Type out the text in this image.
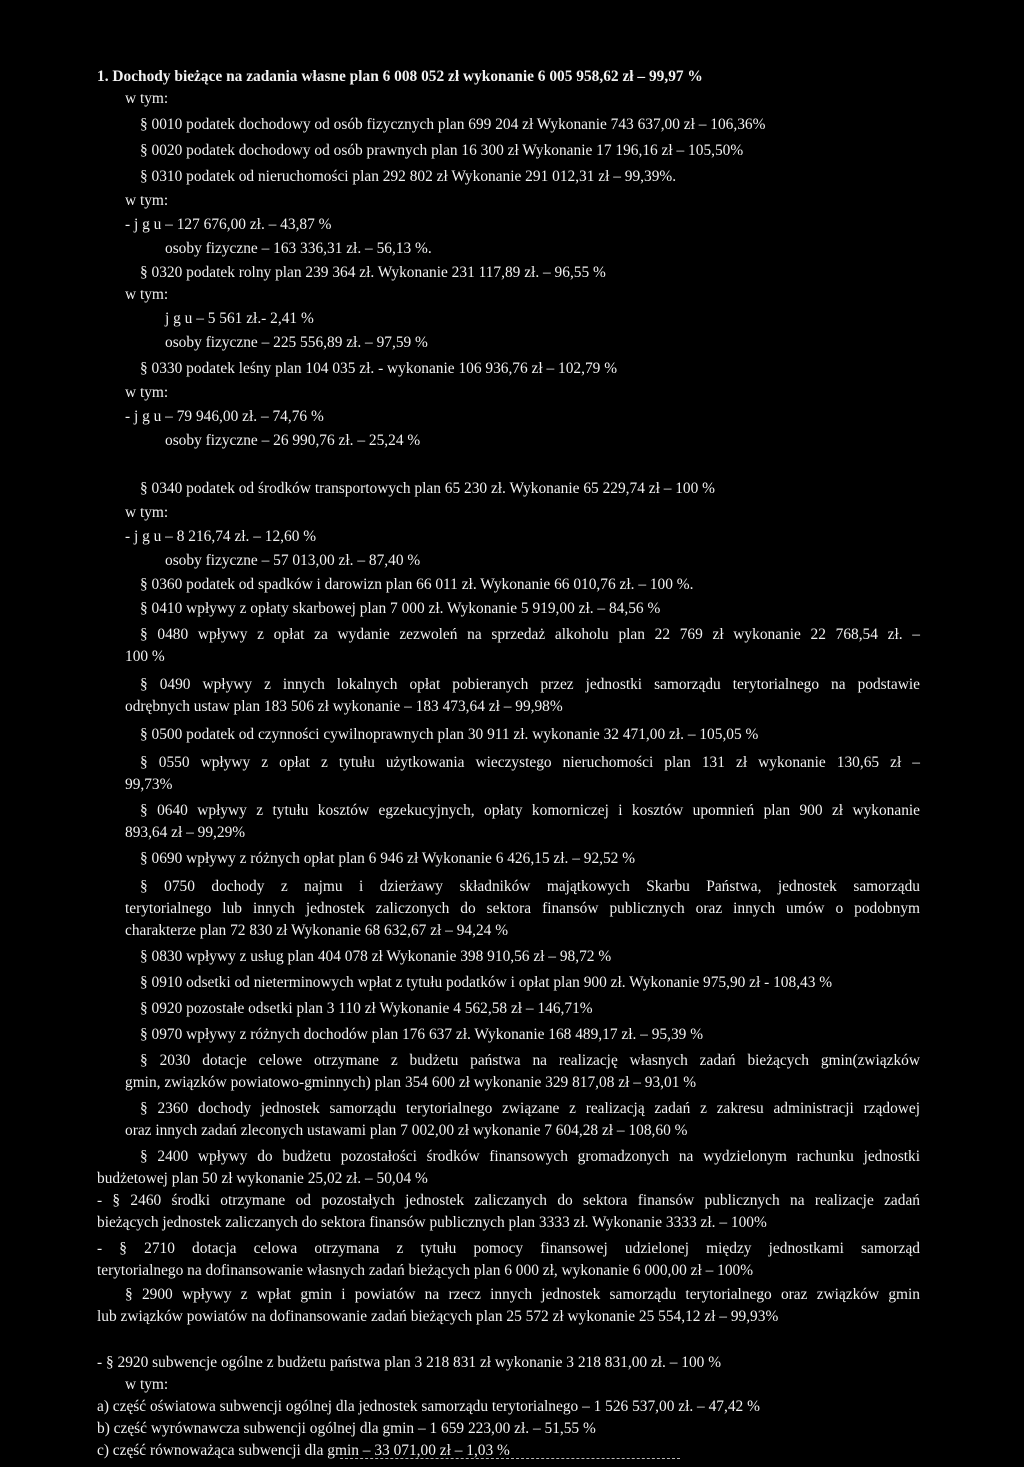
1. Dochody bieżące na zadania własne plan 6 008 052 zł wykonanie 6 005 958,62 zł – 99,97 %
w tym:
§ 0010 podatek dochodowy od osób fizycznych plan 699 204 zł Wykonanie 743 637,00 zł – 106,36%
§ 0020 podatek dochodowy od osób prawnych plan 16 300 zł Wykonanie 17 196,16 zł – 105,50%
§ 0310 podatek od nieruchomości plan 292 802 zł Wykonanie 291 012,31 zł – 99,39%.
w tym:
- j g u – 127 676,00 zł. – 43,87 %
osoby fizyczne – 163 336,31 zł. – 56,13 %.
§ 0320 podatek rolny plan 239 364 zł. Wykonanie 231 117,89 zł. – 96,55 %
w tym:
j g u – 5 561 zł.- 2,41 %
osoby fizyczne – 225 556,89 zł. – 97,59 %
§ 0330 podatek leśny plan 104 035 zł. - wykonanie 106 936,76 zł – 102,79 %
w tym:
- j g u – 79 946,00 zł. – 74,76 %
osoby fizyczne – 26 990,76 zł. – 25,24 %
§ 0340 podatek od środków transportowych plan 65 230 zł. Wykonanie 65 229,74 zł – 100 %
w tym:
- j g u – 8 216,74 zł. – 12,60 %
osoby fizyczne – 57 013,00 zł. – 87,40 %
§ 0360 podatek od spadków i darowizn plan 66 011 zł. Wykonanie 66 010,76 zł. – 100 %.
§ 0410 wpływy z opłaty skarbowej plan 7 000 zł. Wykonanie 5 919,00 zł. – 84,56 %
§ 0480 wpływy z opłat za wydanie zezwoleń na sprzedaż alkoholu plan 22 769 zł wykonanie 22 768,54 zł. –
100 %
§ 0490 wpływy z innych lokalnych opłat pobieranych przez jednostki samorządu terytorialnego na podstawie
odrębnych ustaw plan 183 506 zł wykonanie – 183 473,64 zł – 99,98%
§ 0500 podatek od czynności cywilnoprawnych plan 30 911 zł. wykonanie 32 471,00 zł. – 105,05 %
§ 0550 wpływy z opłat z tytułu użytkowania wieczystego nieruchomości plan 131 zł wykonanie 130,65 zł –
99,73%
§ 0640 wpływy z tytułu kosztów egzekucyjnych, opłaty komorniczej i kosztów upomnień plan 900 zł wykonanie
893,64 zł – 99,29%
§ 0690 wpływy z różnych opłat plan 6 946 zł Wykonanie 6 426,15 zł. – 92,52 %
§ 0750 dochody z najmu i dzierżawy składników majątkowych Skarbu Państwa, jednostek samorządu
terytorialnego lub innych jednostek zaliczonych do sektora finansów publicznych oraz innych umów o podobnym
charakterze plan 72 830 zł Wykonanie 68 632,67 zł – 94,24 %
§ 0830 wpływy z usług plan 404 078 zł Wykonanie 398 910,56 zł – 98,72 %
§ 0910 odsetki od nieterminowych wpłat z tytułu podatków i opłat plan 900 zł. Wykonanie 975,90 zł - 108,43 %
§ 0920 pozostałe odsetki plan 3 110 zł Wykonanie 4 562,58 zł – 146,71%
§ 0970 wpływy z różnych dochodów plan 176 637 zł. Wykonanie 168 489,17 zł. – 95,39 %
§ 2030 dotacje celowe otrzymane z budżetu państwa na realizację własnych zadań bieżących gmin(związków
gmin, związków powiatowo-gminnych) plan 354 600 zł wykonanie 329 817,08 zł – 93,01 %
§ 2360 dochody jednostek samorządu terytorialnego związane z realizacją zadań z zakresu administracji rządowej
oraz innych zadań zleconych ustawami plan 7 002,00 zł wykonanie 7 604,28 zł – 108,60 %
§ 2400 wpływy do budżetu pozostałości środków finansowych gromadzonych na wydzielonym rachunku jednostki
budżetowej plan 50 zł wykonanie 25,02 zł. – 50,04 %
- § 2460 środki otrzymane od pozostałych jednostek zaliczanych do sektora finansów publicznych na realizacje zadań
bieżących jednostek zaliczanych do sektora finansów publicznych plan 3333 zł. Wykonanie 3333 zł. – 100%
- § 2710 dotacja celowa otrzymana z tytułu pomocy finansowej udzielonej między jednostkami samorząd
terytorialnego na dofinansowanie własnych zadań bieżących plan 6 000 zł, wykonanie 6 000,00 zł – 100%
§ 2900 wpływy z wpłat gmin i powiatów na rzecz innych jednostek samorządu terytorialnego oraz związków gmin
lub związków powiatów na dofinansowanie zadań bieżących plan 25 572 zł wykonanie 25 554,12 zł – 99,93%
- § 2920 subwencje ogólne z budżetu państwa plan 3 218 831 zł wykonanie 3 218 831,00 zł. – 100 %
w tym:
a) część oświatowa subwencji ogólnej dla jednostek samorządu terytorialnego – 1 526 537,00 zł. – 47,42 %
b) część wyrównawcza subwencji ogólnej dla gmin – 1 659 223,00 zł. – 51,55 %
c) część równoważąca subwencji dla gmin – 33 071,00 zł – 1,03 %
